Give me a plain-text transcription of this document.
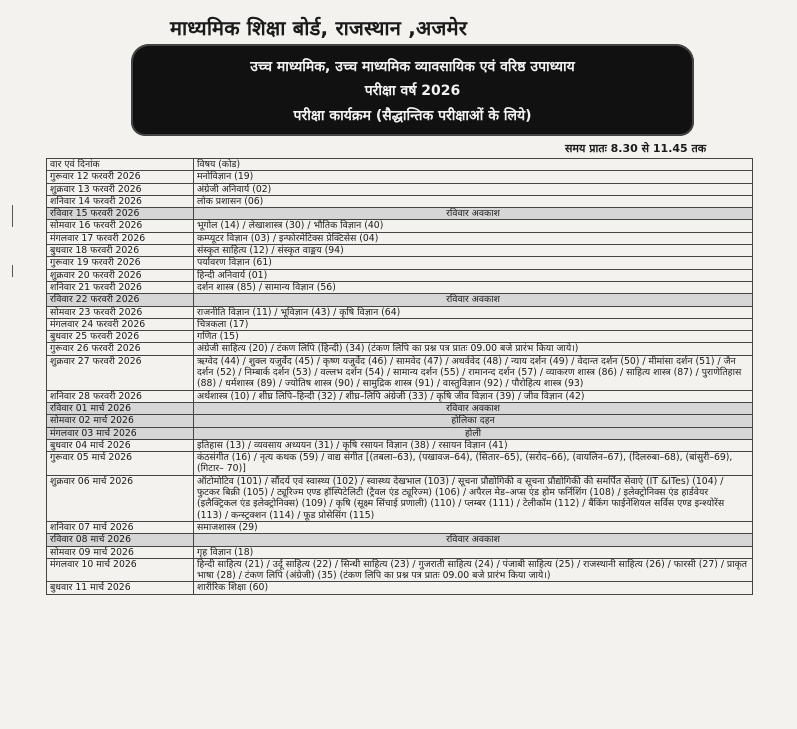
माध्यमिक शिक्षा बोर्ड, राजस्थान ,अजमेर
उच्च माध्यमिक, उच्च माध्यमिक व्यावसायिक एवं वरिष्ठ उपाध्याय
परीक्षा वर्ष 2026
परीक्षा कार्यक्रम (सैद्धान्तिक परीक्षाओं के लिये)
समय प्रातः 8.30 से 11.45 तक
वार एवं दिनांक	विषय (कोड)
गुरूवार 12 फरवरी 2026	मनोविज्ञान (19)
शुक्रवार 13 फरवरी 2026	अंग्रेजी अनिवार्य (02)
शनिवार 14 फरवरी 2026	लोक प्रशासन (06)
रविवार 15 फरवरी 2026	रविवार अवकाश
सोमवार 16 फरवरी 2026	भूगोल (14) / लेखाशास्त्र (30) / भौतिक विज्ञान (40)
मंगलवार 17 फरवरी 2026	कम्प्यूटर विज्ञान (03) / इन्फोरमेटिक्स प्रेक्टिसेस (04)
बुधवार 18 फरवरी 2026	संस्कृत साहित्य (12) / संस्कृत वाङ्मय (94)
गुरूवार 19 फरवरी 2026	पर्यावरण विज्ञान (61)
शुक्रवार 20 फरवरी 2026	हिन्दी अनिवार्य (01)
शनिवार 21 फरवरी 2026	दर्शन शास्त्र (85) / सामान्य विज्ञान (56)
रविवार 22 फरवरी 2026	रविवार अवकाश
सोमवार 23 फरवरी 2026	राजनीति विज्ञान (11) / भूविज्ञान (43) / कृषि विज्ञान (64)
मंगलवार 24 फरवरी 2026	चित्रकला (17)
बुधवार 25 फरवरी 2026	गणित (15)
गुरूवार 26 फरवरी 2026	अंग्रेजी साहित्य (20) / टंकण लिपि (हिन्दी) (34) (टंकण लिपि का प्रश्न पत्र प्रातः 09.00 बजे प्रारंभ किया जाये।)
शुक्रवार 27 फरवरी 2026	ऋग्वेद (44) / शुक्ल यजुर्वेद (45) / कृष्ण यजुर्वेद (46) / सामवेद (47) / अथर्ववेद (48) / न्याय दर्शन (49) / वेदान्त दर्शन (50) / मीमांसा दर्शन (51) / जैन दर्शन (52) / निम्बार्क दर्शन (53) / वल्लभ दर्शन (54) / सामान्य दर्शन (55) / रामानन्द दर्शन (57) / व्याकरण शास्त्र (86) / साहित्य शास्त्र (87) / पुराणेतिहास (88) / धर्मशास्त्र (89) / ज्योतिष शास्त्र (90) / सामुद्रिक शास्त्र (91) / वास्तुविज्ञान (92) / पौरोहित्य शास्त्र (93)
शनिवार 28 फरवरी 2026	अर्थशास्त्र (10) / शीघ्र लिपि–हिन्दी (32) / शीघ्र–लिपि अंग्रेजी (33) / कृषि जीव विज्ञान (39) / जीव विज्ञान (42)
रविवार 01 मार्च 2026	रविवार अवकाश
सोमवार 02 मार्च 2026	होलिका दहन
मंगलवार 03 मार्च 2026	होली
बुधवार 04 मार्च 2026	इतिहास (13) / व्यवसाय अध्ययन (31) / कृषि रसायन विज्ञान (38) / रसायन विज्ञान (41)
गुरूवार 05 मार्च 2026	कंठसंगीत (16) / नृत्य कथक (59) / वाद्य संगीत [(तबला–63), (पखावज–64), (सितार–65), (सरोद–66), (वायलिन–67), (दिलरुबा–68), (बांसुरी–69), (गिटार– 70)]
शुक्रवार 06 मार्च 2026	ऑटोमोटिव (101) / सौंदर्य एवं स्वास्थ्य (102) / स्वास्थ्य देखभाल (103) / सूचना प्रौद्योगिकी व सूचना प्रौद्योगिकी की समर्पित सेवाएं (IT &ITes) (104) / फुटकर बिक्री (105) / ट्यूरिज्म एण्ड हॉस्पिटेलिटी (ट्रैवल एंड ट्यूरिज्म) (106) / अपैरल मेड–अप्स एंड होम फर्निशिंग (108) / इलेक्ट्रोनिक्स एंड हार्डवेयर (इलैक्ट्रिकल एंड इलेक्ट्रोनिक्स) (109) / कृषि (सूक्ष्म सिंचाई प्रणाली) (110) / प्लम्बर (111) / टेलीकॉम (112) / बैंकिंग फाईनेंशियल सर्विस एण्ड इन्श्योरेंस (113) / कन्स्ट्रक्शन (114) / फूड प्रोसेसिंग (115)
शनिवार 07 मार्च 2026	समाजशास्त्र (29)
रविवार 08 मार्च 2026	रविवार अवकाश
सोमवार 09 मार्च 2026	गृह विज्ञान (18)
मंगलवार 10 मार्च 2026	हिन्दी साहित्य (21) / उर्दू साहित्य (22) / सिन्धी साहित्य (23) / गुजराती साहित्य (24) / पंजाबी साहित्य (25) / राजस्थानी साहित्य (26) / फारसी (27) / प्राकृत भाषा (28) / टंकण लिपि (अंग्रेजी) (35) (टंकण लिपि का प्रश्न पत्र प्रातः 09.00 बजे प्रारंभ किया जाये।)
बुधवार 11 मार्च 2026	शारीरिक शिक्षा (60)
